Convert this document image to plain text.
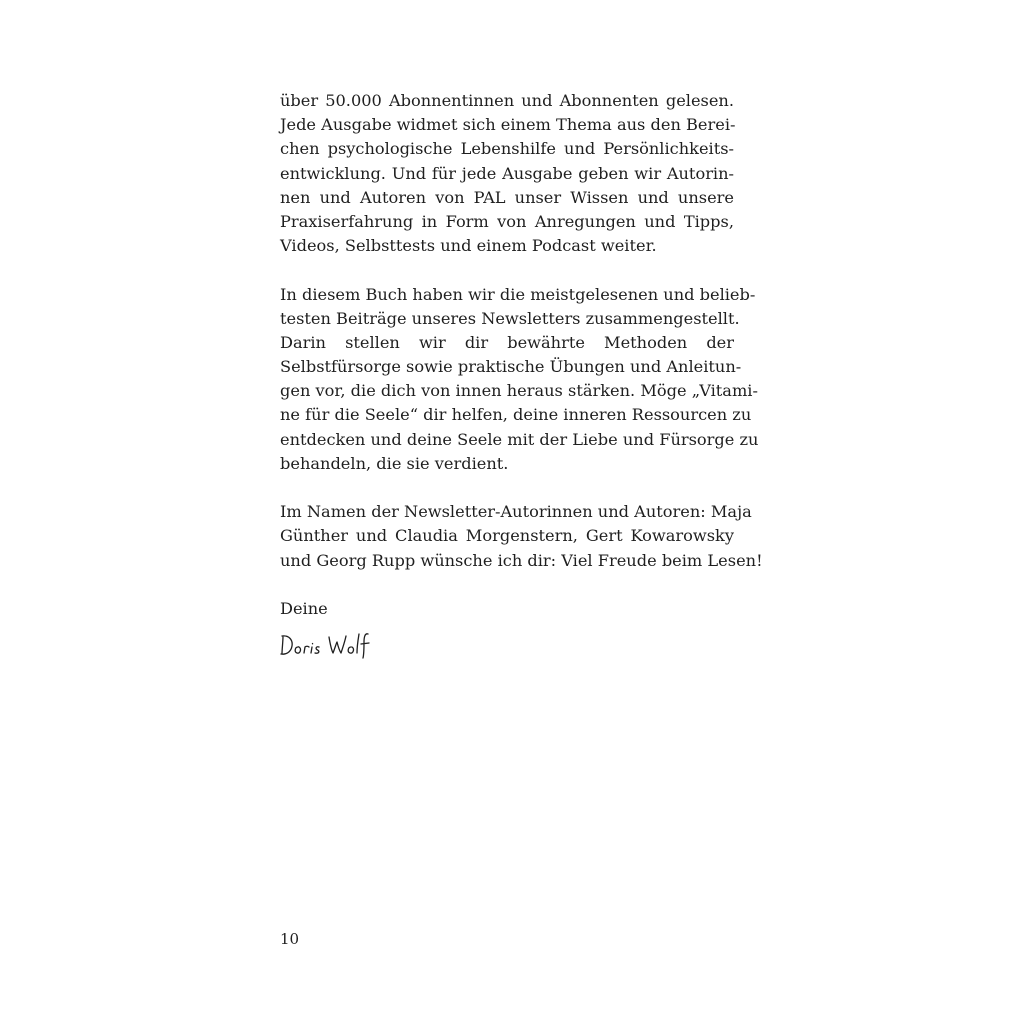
über 50.000 Abonnentinnen und Abonnenten gelesen.
Jede Ausgabe widmet sich einem Thema aus den Berei-
chen psychologische Lebenshilfe und Persönlichkeits-
entwicklung. Und für jede Ausgabe geben wir Autorin-
nen und Autoren von PAL unser Wissen und unsere
Praxiserfahrung in Form von Anregungen und Tipps,
Videos, Selbsttests und einem Podcast weiter.
In diesem Buch haben wir die meistgelesenen und belieb-
testen Beiträge unseres Newsletters zusammengestellt.
Darin stellen wir dir bewährte Methoden der
Selbstfürsorge sowie praktische Übungen und Anleitun-
gen vor, die dich von innen heraus stärken. Möge „Vitami-
ne für die Seele“ dir helfen, deine inneren Ressourcen zu
entdecken und deine Seele mit der Liebe und Fürsorge zu
behandeln, die sie verdient.
Im Namen der Newsletter-Autorinnen und Autoren: Maja
Günther und Claudia Morgenstern, Gert Kowarowsky
und Georg Rupp wünsche ich dir: Viel Freude beim Lesen!
Deine
10
